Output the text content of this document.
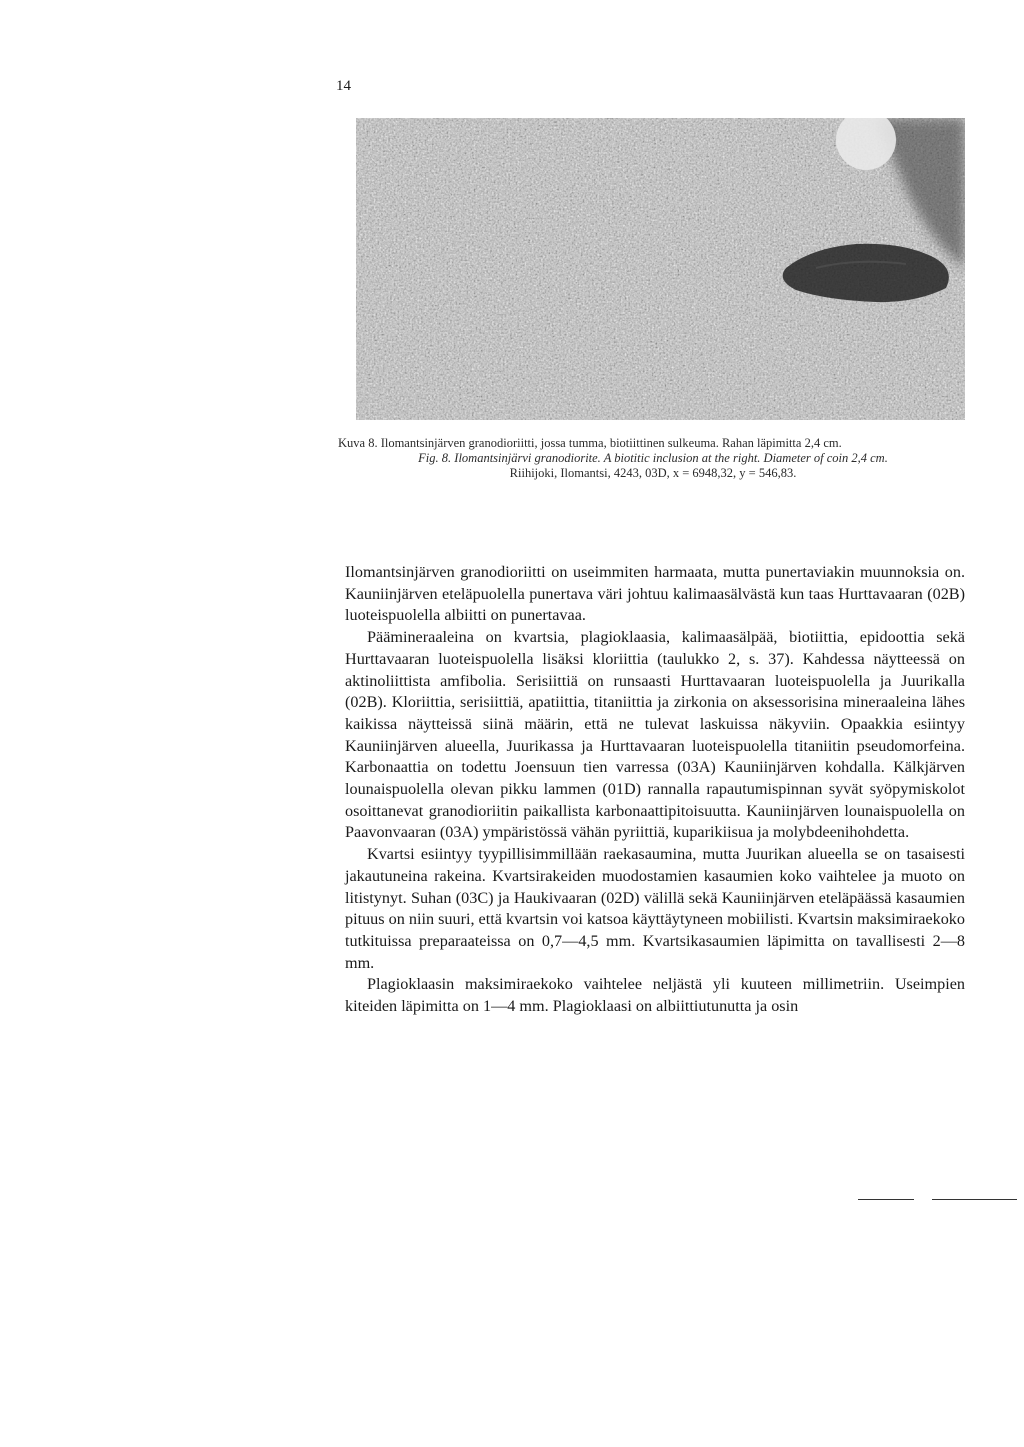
14
Kuva 8. Ilomantsinjärven granodioriitti, jossa tumma, biotiittinen sulkeuma. Rahan läpimitta 2,4 cm.
Fig. 8. Ilomantsinjärvi granodiorite. A biotitic inclusion at the right. Diameter of coin 2,4 cm.
Riihijoki, Ilomantsi, 4243, 03D, x = 6948,32, y = 546,83.

Ilomantsinjärven granodioriitti on useimmiten harmaata, mutta punertaviakin muunnoksia on. Kauniinjärven eteläpuolella punertava väri johtuu kalimaasälvästä kun taas Hurttavaaran (02B) luoteispuolella albiitti on punertavaa.

Päämineraaleina on kvartsia, plagioklaasia, kalimaasälpää, biotiittia, epidoottia sekä Hurttavaaran luoteispuolella lisäksi kloriittia (taulukko 2, s. 37). Kahdessa näytteessä on aktinoliittista amfibolia. Serisiittiä on runsaasti Hurttavaaran luoteispuolella ja Juurikalla (02B). Kloriittia, serisiittiä, apatiittia, titaniittia ja zirkonia on aksessorisina mineraaleina lähes kaikissa näytteissä siinä määrin, että ne tulevat laskuissa näkyviin. Opaakkia esiintyy Kauniinjärven alueella, Juurikassa ja Hurttavaaran luoteispuolella titaniitin pseudomorfeina. Karbonaattia on todettu Joensuun tien varressa (03A) Kauniinjärven kohdalla. Kälkjärven lounaispuolella olevan pikku lammen (01D) rannalla rapautumispinnan syvät syöpymiskolot osoittanevat granodioriitin paikallista karbonaattipitoisuutta. Kauniinjärven lounaispuolella on Paavonvaaran (03A) ympäristössä vähän pyriittiä, kuparikiisua ja molybdeenihohdetta.

Kvartsi esiintyy tyypillisimmillään raekasaumina, mutta Juurikan alueella se on tasaisesti jakautuneina rakeina. Kvartsirakeiden muodostamien kasaumien koko vaihtelee ja muoto on litistynyt. Suhan (03C) ja Haukivaaran (02D) välillä sekä Kauniinjärven eteläpäässä kasaumien pituus on niin suuri, että kvartsin voi katsoa käyttäytyneen mobiilisti. Kvartsin maksimiraekoko tutkituissa preparaateissa on 0,7—4,5 mm. Kvartsikasaumien läpimitta on tavallisesti 2—8 mm.

Plagioklaasin maksimiraekoko vaihtelee neljästä yli kuuteen millimetriin. Useimpien kiteiden läpimitta on 1—4 mm. Plagioklaasi on albiittiutunutta ja osin
